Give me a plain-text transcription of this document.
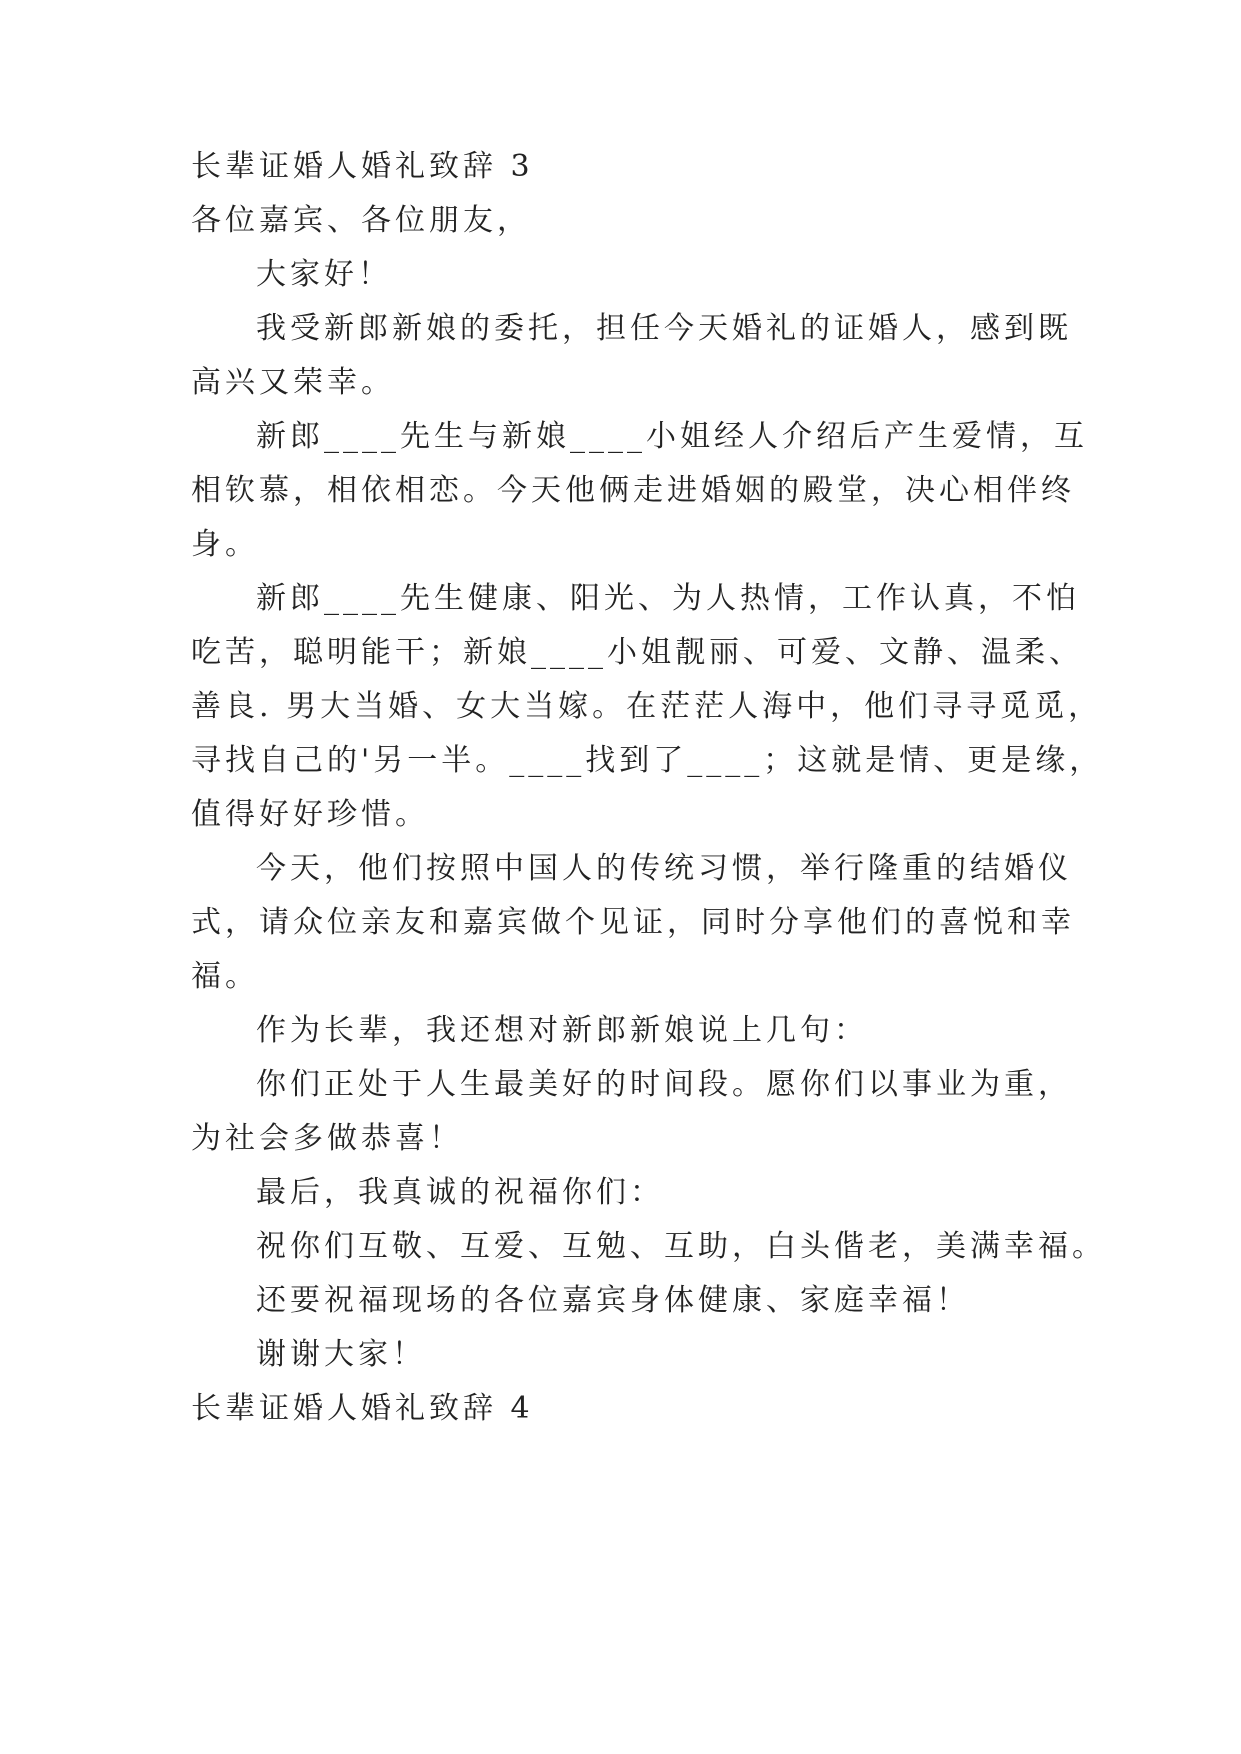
长辈证婚人婚礼致辞 3
各位嘉宾、各位朋友，
大家好！
我受新郎新娘的委托，担任今天婚礼的证婚人，感到既
高兴又荣幸。
新郎____先生与新娘____小姐经人介绍后产生爱情，互
相钦慕，相依相恋。今天他俩走进婚姻的殿堂，决心相伴终
身。
新郎____先生健康、阳光、为人热情，工作认真，不怕
吃苦，聪明能干；新娘____小姐靓丽、可爱、文静、温柔、
善良. 男大当婚、女大当嫁。在茫茫人海中，他们寻寻觅觅，
寻找自己的'另一半。____找到了____；这就是情、更是缘，
值得好好珍惜。
今天，他们按照中国人的传统习惯，举行隆重的结婚仪
式，请众位亲友和嘉宾做个见证，同时分享他们的喜悦和幸
福。
作为长辈，我还想对新郎新娘说上几句：
你们正处于人生最美好的时间段。愿你们以事业为重，
为社会多做恭喜！
最后，我真诚的祝福你们：
祝你们互敬、互爱、互勉、互助，白头偕老，美满幸福。
还要祝福现场的各位嘉宾身体健康、家庭幸福！
谢谢大家！
长辈证婚人婚礼致辞 4
